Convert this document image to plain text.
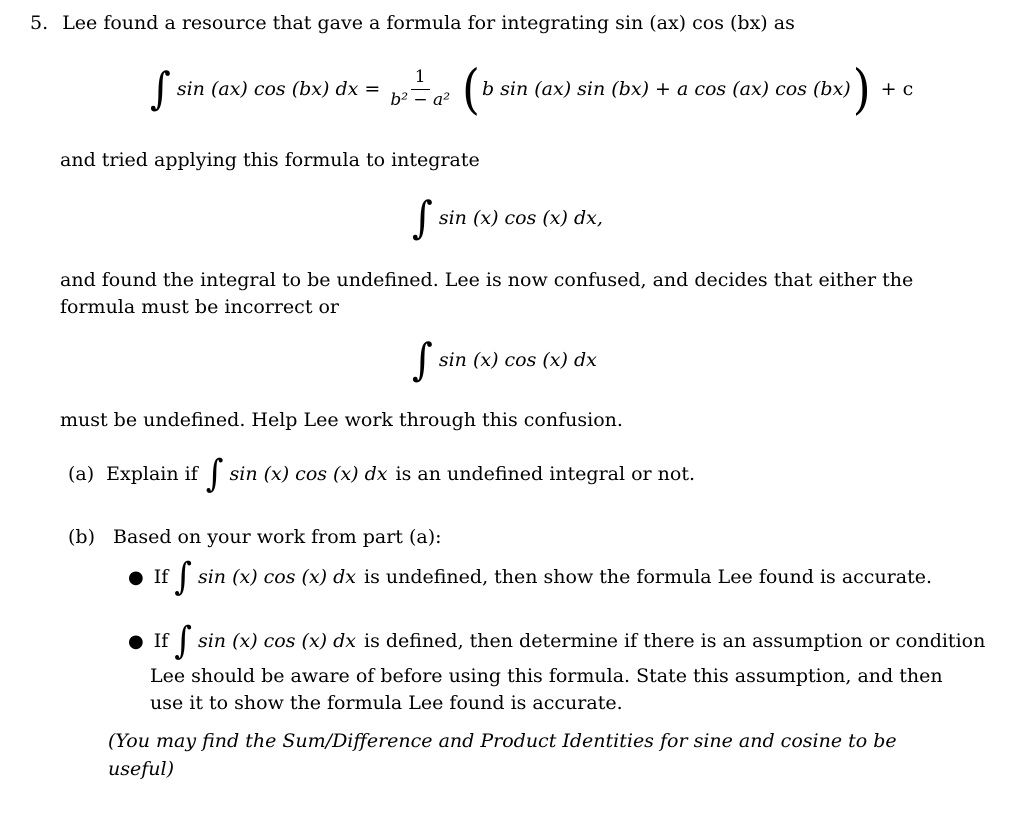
5. Lee found a resource that gave a formula for integrating sin (ax) cos (bx) as
∫ sin (ax) cos (bx) dx = $\frac{1}{\text{b² − a²}}$ ( b sin (ax) sin (bx) + a cos (ax) cos (bx) ) + c
and tried applying this formula to integrate
∫ sin (x) cos (x) dx,
and found the integral to be undefined. Lee is now confused, and decides that either the formula must be incorrect or
∫ sin (x) cos (x) dx
must be undefined. Help Lee work through this confusion.
(a) Explain if ∫ sin (x) cos (x) dx is an undefined integral or not.
(b) Based on your work from part (a):
● If ∫ sin (x) cos (x) dx is undefined, then show the formula Lee found is accurate.
● If ∫ sin (x) cos (x) dx is defined, then determine if there is an assumption or condition
Lee should be aware of before using this formula. State this assumption, and then use it to show the formula Lee found is accurate.
(You may find the Sum/Difference and Product Identities for sine and cosine to be useful)
